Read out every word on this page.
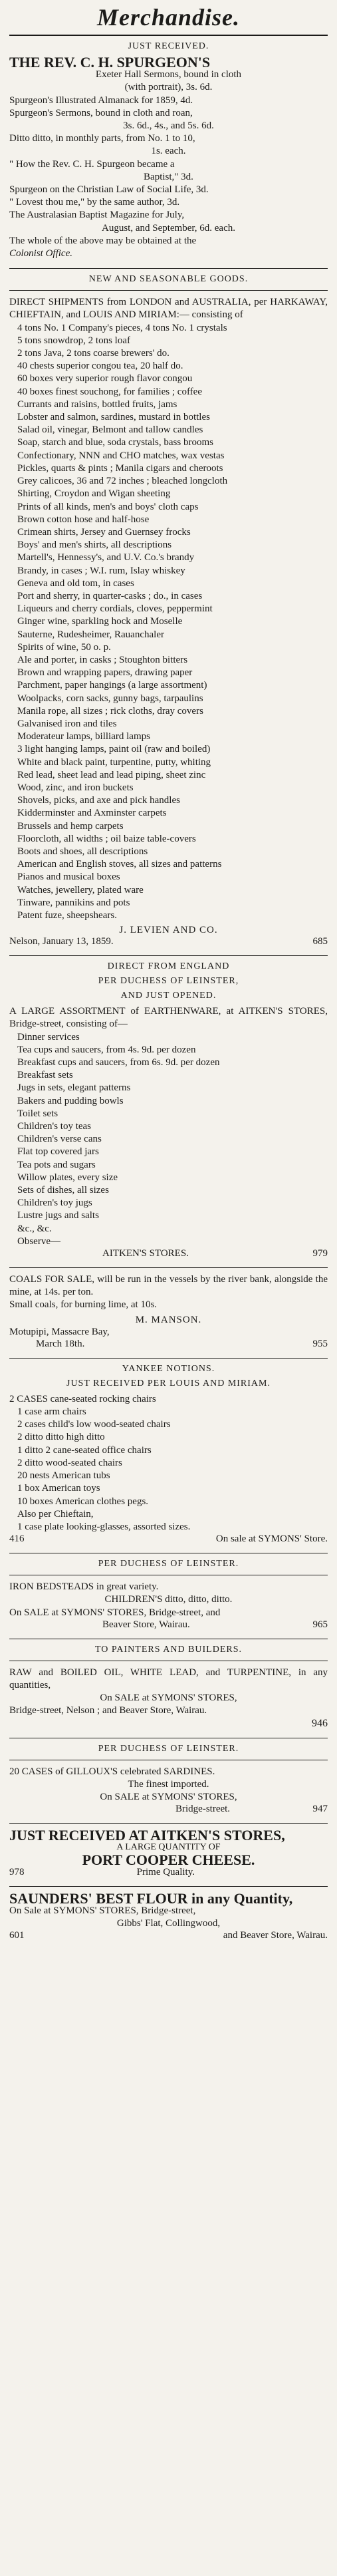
Merchandise.
JUST RECEIVED.

THE REV. C. H. SPURGEON'S

Exeter Hall Sermons, bound in cloth

(with portrait), 3s. 6d.

Spurgeon's Illustrated Almanack for 1859, 4d.

Spurgeon's Sermons, bound in cloth and roan,

3s. 6d., 4s., and 5s. 6d.

Ditto ditto, in monthly parts, from No. 1 to 10,

1s. each.

" How the Rev. C. H. Spurgeon became a

Baptist," 3d.

Spurgeon on the Christian Law of Social Life, 3d.

" Lovest thou me," by the same author, 3d.

The Australasian Baptist Magazine for July,

August, and September, 6d. each.

The whole of the above may be obtained at the

Colonist Office.

NEW AND SEASONABLE GOODS.

DIRECT SHIPMENTS from LONDON and AUSTRALIA, per HARKAWAY, CHIEFTAIN, and LOUIS AND MIRIAM:— consisting of

4 tons No. 1 Company's pieces, 4 tons No. 1 crystals

5 tons snowdrop, 2 tons loaf

2 tons Java, 2 tons coarse brewers' do.

40 chests superior congou tea, 20 half do.

60 boxes very superior rough flavor congou

40 boxes finest souchong, for families ; coffee

Currants and raisins, bottled fruits, jams

Lobster and salmon, sardines, mustard in bottles

Salad oil, vinegar, Belmont and tallow candles

Soap, starch and blue, soda crystals, bass brooms

Confectionary, NNN and CHO matches, wax vestas

Pickles, quarts & pints ; Manila cigars and cheroots

Grey calicoes, 36 and 72 inches ; bleached longcloth

Shirting, Croydon and Wigan sheeting

Prints of all kinds, men's and boys' cloth caps

Brown cotton hose and half-hose

Crimean shirts, Jersey and Guernsey frocks

Boys' and men's shirts, all descriptions

Martell's, Hennessy's, and U.V. Co.'s brandy

Brandy, in cases ; W.I. rum, Islay whiskey

Geneva and old tom, in cases

Port and sherry, in quarter-casks ; do., in cases

Liqueurs and cherry cordials, cloves, peppermint

Ginger wine, sparkling hock and Moselle

Sauterne, Rudesheimer, Rauanchaler

Spirits of wine, 50 o. p.

Ale and porter, in casks ; Stoughton bitters

Brown and wrapping papers, drawing paper

Parchment, paper hangings (a large assortment)

Woolpacks, corn sacks, gunny bags, tarpaulins

Manila rope, all sizes ; rick cloths, dray covers

Galvanised iron and tiles

Moderateur lamps, billiard lamps

3 light hanging lamps, paint oil (raw and boiled)

White and black paint, turpentine, putty, whiting

Red lead, sheet lead and lead piping, sheet zinc

Wood, zinc, and iron buckets

Shovels, picks, and axe and pick handles

Kidderminster and Axminster carpets

Brussels and hemp carpets

Floorcloth, all widths ; oil baize table-covers

Boots and shoes, all descriptions

American and English stoves, all sizes and patterns

Pianos and musical boxes

Watches, jewellery, plated ware

Tinware, pannikins and pots

Patent fuze, sheepshears.

J. LEVIEN AND CO.
Nelson, January 13, 1859.	685
DIRECT FROM ENGLAND
PER DUCHESS OF LEINSTER,
AND JUST OPENED.

A LARGE ASSORTMENT of EARTHENWARE, at AITKEN'S STORES, Bridge-street, consisting of—

Dinner services

Tea cups and saucers, from 4s. 9d. per dozen

Breakfast cups and saucers, from 6s. 9d. per dozen

Breakfast sets

Jugs in sets, elegant patterns

Bakers and pudding bowls

Toilet sets

Children's toy teas

Children's verse cans

Flat top covered jars

Tea pots and sugars

Willow plates, every size

Sets of dishes, all sizes

Children's toy jugs

Lustre jugs and salts

&c., &c.

Observe—

AITKEN'S STORES.	979

COALS FOR SALE, will be run in the vessels by the river bank, alongside the mine, at 14s. per ton.

Small coals, for burning lime, at 10s.

M. MANSON.

Motupipi, Massacre Bay,

March 18th.	955
YANKEE NOTIONS.
JUST RECEIVED PER LOUIS AND MIRIAM.

2 CASES cane-seated rocking chairs

1 case arm chairs

2 cases child's low wood-seated chairs

2 ditto ditto high ditto

1 ditto 2 cane-seated office chairs

2 ditto wood-seated chairs

20 nests American tubs

1 box American toys

10 boxes American clothes pegs.

Also per Chieftain,

1 case plate looking-glasses, assorted sizes.

416	On sale at SYMONS' Store.
PER DUCHESS OF LEINSTER.

IRON BEDSTEADS in great variety.

CHILDREN'S ditto, ditto, ditto.

On SALE at SYMONS' STORES, Bridge-street, and

Beaver Store, Wairau.	965
TO PAINTERS AND BUILDERS.

RAW and BOILED OIL, WHITE LEAD, and TURPENTINE, in any quantities,

On SALE at SYMONS' STORES,

Bridge-street, Nelson ; and Beaver Store, Wairau.

946
PER DUCHESS OF LEINSTER.

20 CASES of GILLOUX'S celebrated SARDINES.

The finest imported.

On SALE at SYMONS' STORES,

Bridge-street.	947

JUST RECEIVED AT AITKEN'S STORES,

A LARGE QUANTITY OF

PORT COOPER CHEESE.

978	Prime Quality.

SAUNDERS' BEST FLOUR in any Quantity,

On Sale at SYMONS' STORES, Bridge-street,

Gibbs' Flat, Collingwood,

601	and Beaver Store, Wairau.
